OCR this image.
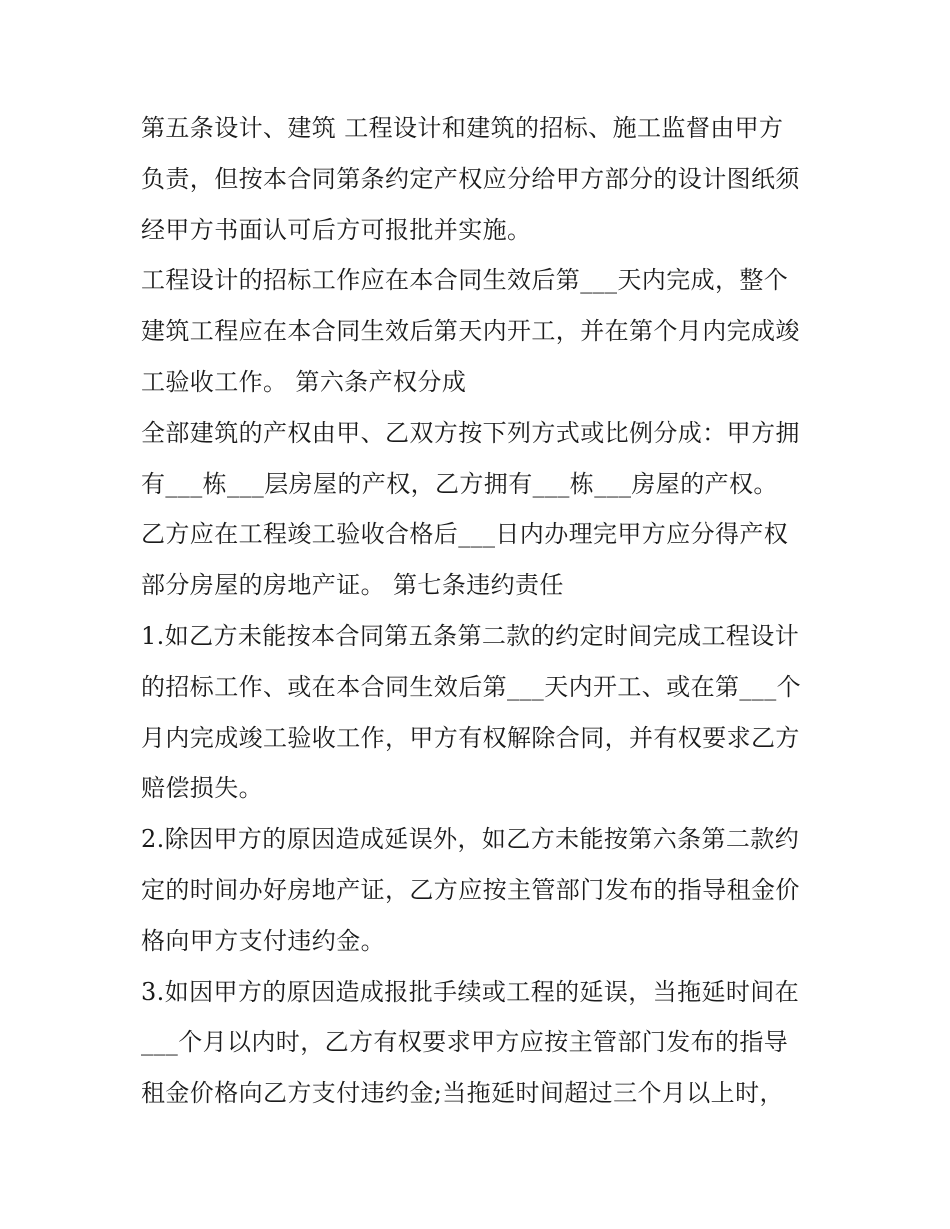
第五条设计、建筑 工程设计和建筑的招标、施工监督由甲方
负责，但按本合同第条约定产权应分给甲方部分的设计图纸须
经甲方书面认可后方可报批并实施。
工程设计的招标工作应在本合同生效后第___天内完成，整个
建筑工程应在本合同生效后第天内开工，并在第个月内完成竣
工验收工作。 第六条产权分成
全部建筑的产权由甲、乙双方按下列方式或比例分成：甲方拥
有___栋___层房屋的产权，乙方拥有___栋___房屋的产权。
乙方应在工程竣工验收合格后___日内办理完甲方应分得产权
部分房屋的房地产证。 第七条违约责任
1.如乙方未能按本合同第五条第二款的约定时间完成工程设计
的招标工作、或在本合同生效后第___天内开工、或在第___个
月内完成竣工验收工作，甲方有权解除合同，并有权要求乙方
赔偿损失。
2.除因甲方的原因造成延误外，如乙方未能按第六条第二款约
定的时间办好房地产证，乙方应按主管部门发布的指导租金价
格向甲方支付违约金。
3.如因甲方的原因造成报批手续或工程的延误，当拖延时间在
___个月以内时，乙方有权要求甲方应按主管部门发布的指导
租金价格向乙方支付违约金;当拖延时间超过三个月以上时，
